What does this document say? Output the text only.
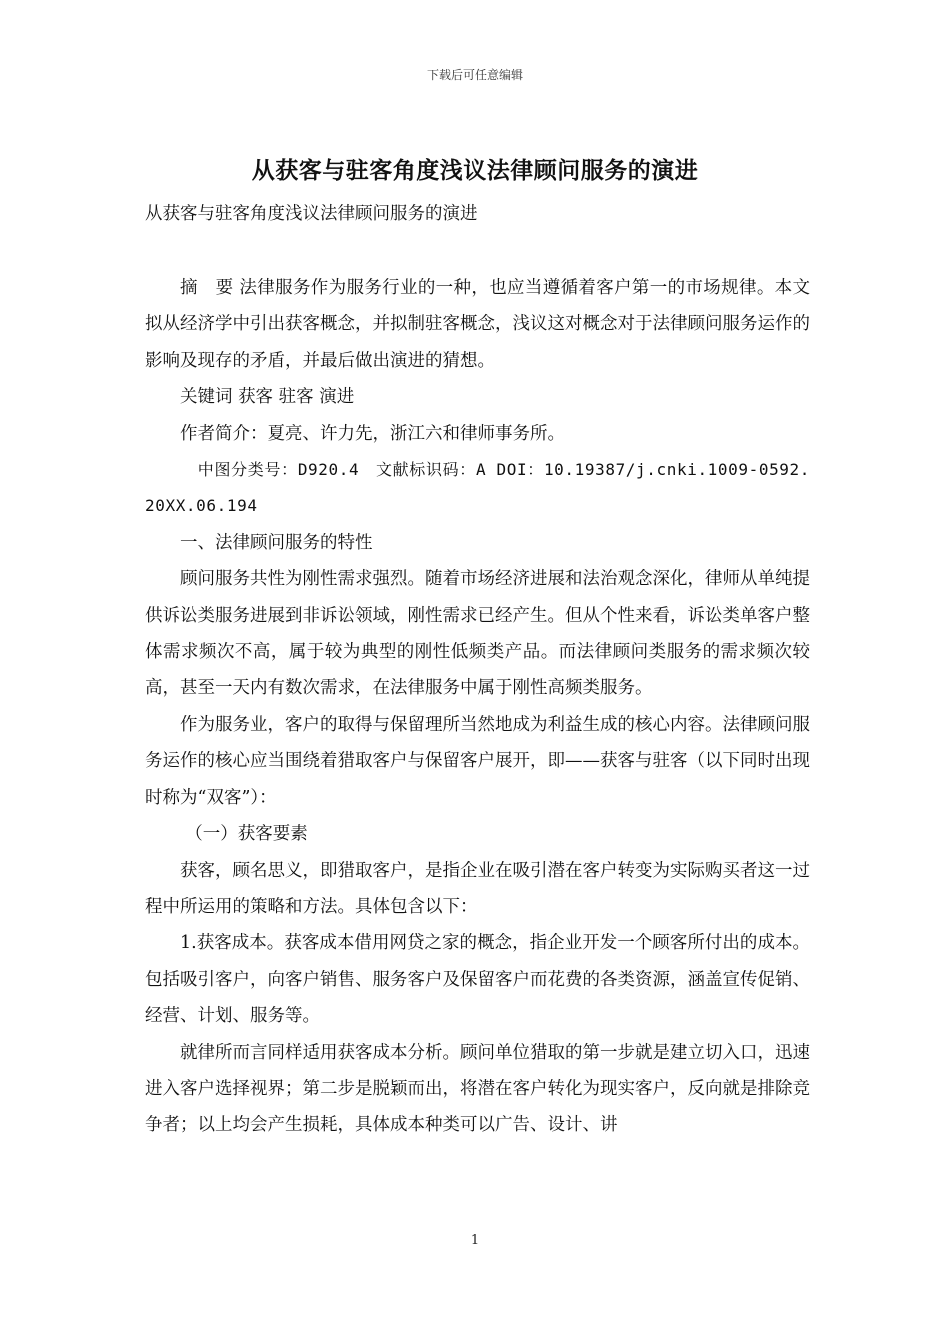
下载后可任意编辑
从获客与驻客角度浅议法律顾问服务的演进
从获客与驻客角度浅议法律顾问服务的演进

摘　要 法律服务作为服务行业的一种，也应当遵循着客户第一的市场规律。本文拟从经济学中引出获客概念，并拟制驻客概念，浅议这对概念对于法律顾问服务运作的影响及现存的矛盾，并最后做出演进的猜想。

关键词 获客 驻客 演进

作者简介：夏亮、许力先，浙江六和律师事务所。

中图分类号：D920.4　文献标识码：A DOI：10.19387/j.cnki.1009-0592.20XX.06.194

一、法律顾问服务的特性

顾问服务共性为刚性需求强烈。随着市场经济进展和法治观念深化，律师从单纯提供诉讼类服务进展到非诉讼领域，刚性需求已经产生。但从个性来看，诉讼类单客户整体需求频次不高，属于较为典型的刚性低频类产品。而法律顾问类服务的需求频次较高，甚至一天内有数次需求，在法律服务中属于刚性高频类服务。

作为服务业，客户的取得与保留理所当然地成为利益生成的核心内容。法律顾问服务运作的核心应当围绕着猎取客户与保留客户展开，即——获客与驻客（以下同时出现时称为“双客”）：

（一）获客要素

获客，顾名思义，即猎取客户，是指企业在吸引潜在客户转变为实际购买者这一过程中所运用的策略和方法。具体包含以下：

1.获客成本。获客成本借用网贷之家的概念，指企业开发一个顾客所付出的成本。包括吸引客户，向客户销售、服务客户及保留客户而花费的各类资源，涵盖宣传促销、经营、计划、服务等。

就律所而言同样适用获客成本分析。顾问单位猎取的第一步就是建立切入口，迅速进入客户选择视界；第二步是脱颖而出，将潜在客户转化为现实客户，反向就是排除竞争者；以上均会产生损耗，具体成本种类可以广告、设计、讲

1
